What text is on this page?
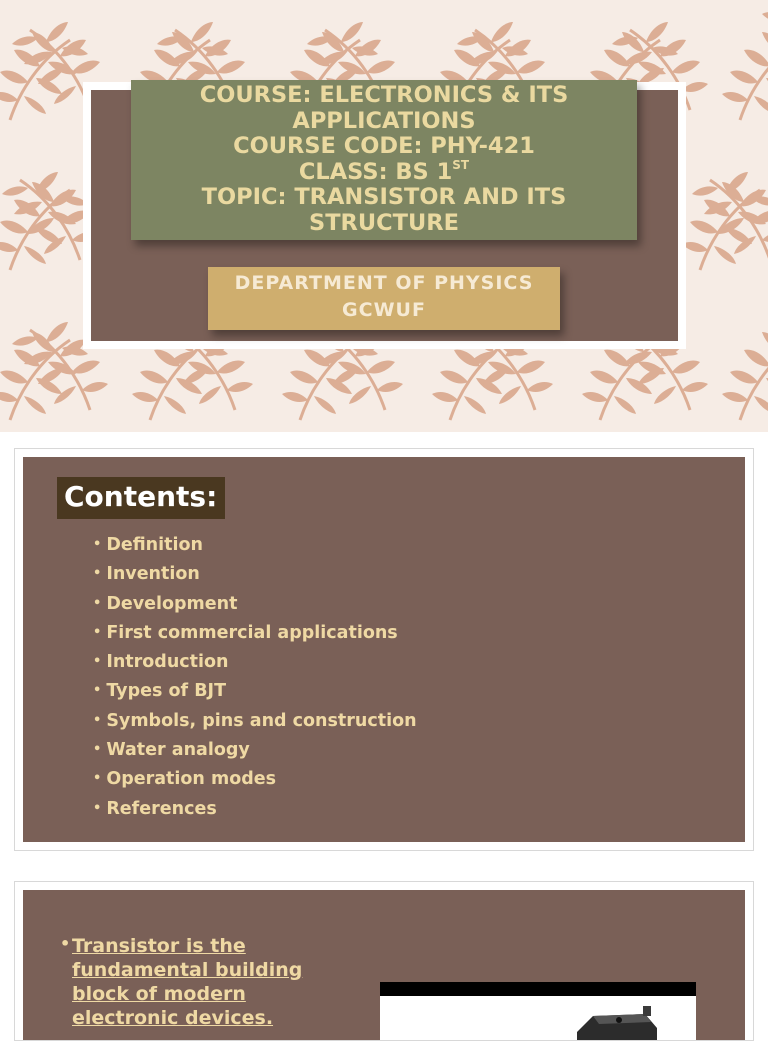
COURSE: ELECTRONICS & ITS
APPLICATIONS
COURSE CODE: PHY-421
CLASS: BS 1ST
TOPIC: TRANSISTOR AND ITS
STRUCTURE
DEPARTMENT OF PHYSICS
GCWUF
Contents:
• Definition
• Invention
• Development
• First commercial applications
• Introduction
• Types of BJT
• Symbols, pins and construction
• Water analogy
• Operation modes
• References
• Transistor is the fundamental building block of modern electronic devices.
